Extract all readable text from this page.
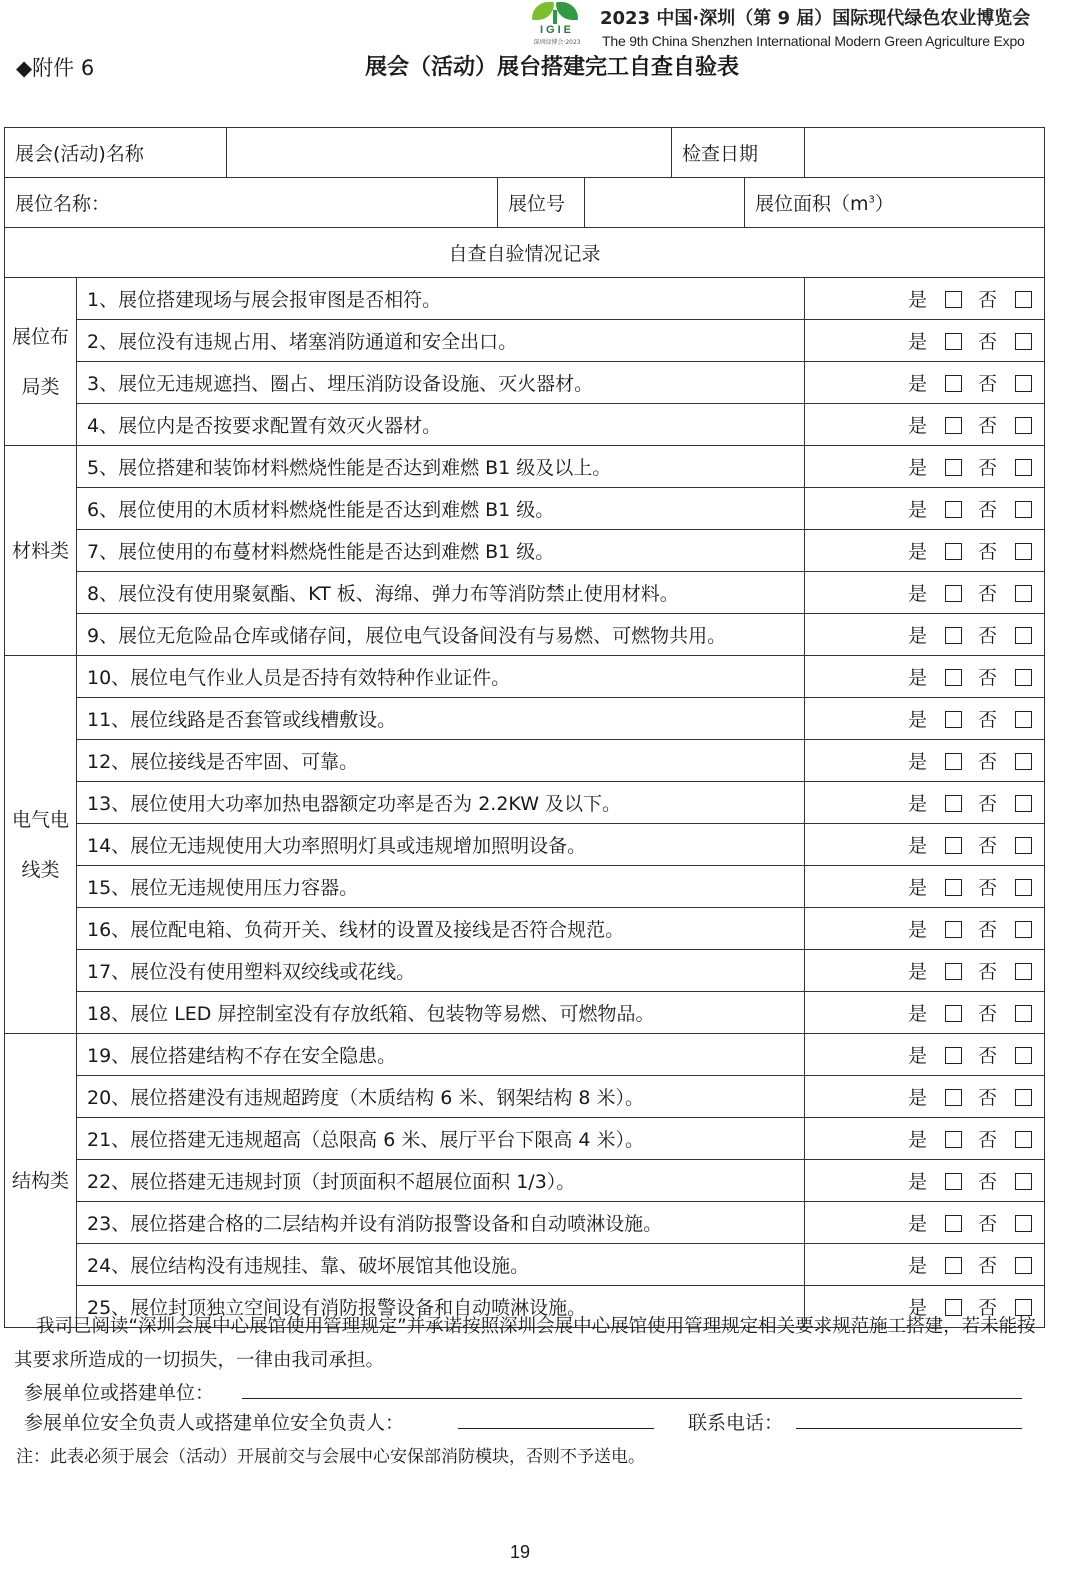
IGIE
深圳绿博会·2023
2023 中国·深圳（第 9 届）国际现代绿色农业博览会
The 9th China Shenzhen International Modern Green Agriculture Expo
◆附件 6	展会（活动）展台搭建完工自查自验表
展会(活动)名称					检查日期		
展位名称：			展位号			展位面积$(m^3)$	
自查自验情况记录							
展位布局类	1、展位搭建现场与展会报审图是否相符。						是 否
	2、展位没有违规占用、堵塞消防通道和安全出口。						是 否
	3、展位无违规遮挡、圈占、埋压消防设备设施、灭火器材。						是 否
	4、展位内是否按要求配置有效灭火器材。						是 否
材料类	5、展位搭建和装饰材料燃烧性能是否达到难燃 B1 级及以上。						是 否
	6、展位使用的木质材料燃烧性能是否达到难燃 B1 级。						是 否
	7、展位使用的布蔓材料燃烧性能是否达到难燃 B1 级。						是 否
	8、展位没有使用聚氨酯、KT 板、海绵、弹力布等消防禁止使用材料。						是 否
	9、展位无危险品仓库或储存间，展位电气设备间没有与易燃、可燃物共用。						是 否
电气电线类	10、展位电气作业人员是否持有效特种作业证件。						是 否
	11、展位线路是否套管或线槽敷设。						是 否
	12、展位接线是否牢固、可靠。						是 否
	13、展位使用大功率加热电器额定功率是否为 2.2KW 及以下。						是 否
	14、展位无违规使用大功率照明灯具或违规增加照明设备。						是 否
	15、展位无违规使用压力容器。						是 否
	16、展位配电箱、负荷开关、线材的设置及接线是否符合规范。						是 否
	17、展位没有使用塑料双绞线或花线。						是 否
	18、展位 LED 屏控制室没有存放纸箱、包装物等易燃、可燃物品。						是 否
结构类	19、展位搭建结构不存在安全隐患。						是 否
	20、展位搭建没有违规超跨度（木质结构 6 米、钢架结构 8 米）。						是 否
	21、展位搭建无违规超高（总限高 6 米、展厅平台下限高 4 米）。						是 否
	22、展位搭建无违规封顶（封顶面积不超展位面积 1/3）。						是 否
	23、展位搭建合格的二层结构并设有消防报警设备和自动喷淋设施。						是 否
	24、展位结构没有违规挂、靠、破坏展馆其他设施。						是 否
	25、展位封顶独立空间设有消防报警设备和自动喷淋设施。						是 否
我司已阅读“深圳会展中心展馆使用管理规定”并承诺按照深圳会展中心展馆使用管理规定相关要求规范施工搭建，若未能按其要求所造成的一切损失，一律由我司承担。
参展单位或搭建单位：
参展单位安全负责人或搭建单位安全负责人：	联系电话：
注：此表必须于展会（活动）开展前交与会展中心安保部消防模块，否则不予送电。
19
